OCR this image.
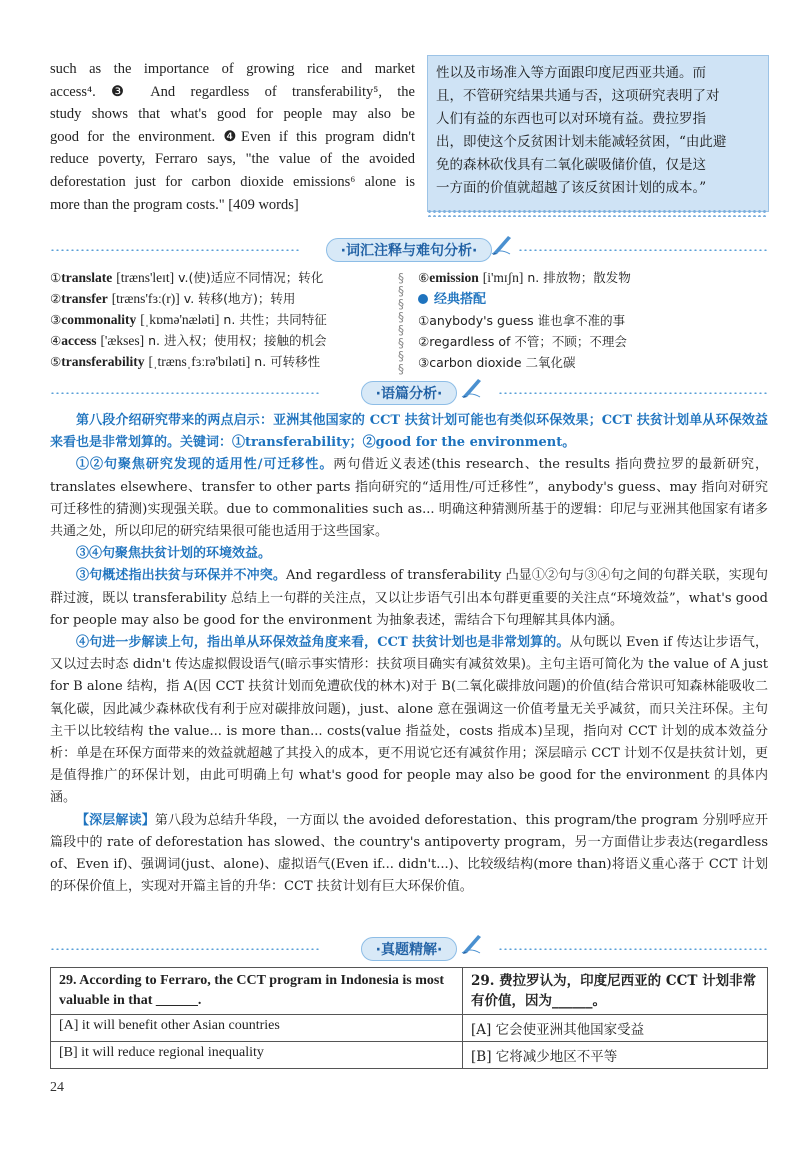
such as the importance of growing rice and market
access⁴. ❸ And regardless of transferability⁵, the
study shows that what's good for people may also be
good for the environment. ❹Even if this program didn't
reduce poverty, Ferraro says, "the value of the avoided
deforestation just for carbon dioxide emissions⁶ alone is
more than the program costs." [409 words]
性以及市场准入等方面跟印度尼西亚共通。而
且，不管研究结果共通与否，这项研究表明了对
人们有益的东西也可以对环境有益。费拉罗指
出，即使这个反贫困计划未能减轻贫困，“由此避
免的森林砍伐具有二氧化碳吸储价值，仅是这
一方面的价值就超越了该反贫困计划的成本。”
·词汇注释与难句分析·
①translate [træns'leɪt] v.(使)适应不同情况；转化
②transfer [træns'fɜː(r)] v. 转移(地方)；转用
③commonality [ˌkɒmə'næləti] n. 共性；共同特征
④access ['ækses] n. 进入权；使用权；接触的机会
⑤transferability [ˌtrænsˌfɜːrə'bɪləti] n. 可转移性
§
§
§
§
§
§
§
§
⑥emission [i'mɪʃn] n. 排放物；散发物
经典搭配
①anybody's guess 谁也拿不准的事
②regardless of 不管；不顾；不理会
③carbon dioxide 二氧化碳
·语篇分析·
第八段介绍研究带来的两点启示：亚洲其他国家的 CCT 扶贫计划可能也有类似环保效果；CCT 扶贫计划单从环保效益来看也是非常划算的。关键词：①transferability；②good for the environment。
①②句聚焦研究发现的适用性/可迁移性。两句借近义表述(this research、the results 指向费拉罗的最新研究，translates elsewhere、transfer to other parts 指向研究的“适用性/可迁移性”，anybody's guess、may 指向对研究可迁移性的猜测)实现强关联。due to commonalities such as... 明确这种猜测所基于的逻辑：印尼与亚洲其他国家有诸多共通之处，所以印尼的研究结果很可能也适用于这些国家。
③④句聚焦扶贫计划的环境效益。
③句概述指出扶贫与环保并不冲突。And regardless of transferability 凸显①②句与③④句之间的句群关联，实现句群过渡，既以 transferability 总结上一句群的关注点，又以让步语气引出本句群更重要的关注点“环境效益”，what's good for people may also be good for the environment 为抽象表述，需结合下句理解其具体内涵。
④句进一步解读上句，指出单从环保效益角度来看，CCT 扶贫计划也是非常划算的。从句既以 Even if 传达让步语气，又以过去时态 didn't 传达虚拟假设语气(暗示事实情形：扶贫项目确实有减贫效果)。主句主语可简化为 the value of A just for B alone 结构，指 A(因 CCT 扶贫计划而免遭砍伐的林木)对于 B(二氧化碳排放问题)的价值(结合常识可知森林能吸收二氧化碳，因此减少森林砍伐有利于应对碳排放问题)，just、alone 意在强调这一价值考量无关乎减贫，而只关注环保。主句主干以比较结构 the value... is more than... costs(value 指益处，costs 指成本)呈现，指向对 CCT 计划的成本效益分析：单是在环保方面带来的效益就超越了其投入的成本，更不用说它还有减贫作用；深层暗示 CCT 计划不仅是扶贫计划，更是值得推广的环保计划，由此可明确上句 what's good for people may also be good for the environment 的具体内涵。
【深层解读】第八段为总结升华段，一方面以 the avoided deforestation、this program/the program 分别呼应开篇段中的 rate of deforestation has slowed、the country's antipoverty program，另一方面借让步表达(regardless of、Even if)、强调词(just、alone)、虚拟语气(Even if... didn't...)、比较级结构(more than)将语义重心落于 CCT 计划的环保价值上，实现对开篇主旨的升华：CCT 扶贫计划有巨大环保价值。
·真题精解·
29. According to Ferraro, the CCT program in Indonesia is most valuable in that ______.	29. 费拉罗认为，印度尼西亚的 CCT 计划非常有价值，因为______。
[A] it will benefit other Asian countries	[A] 它会使亚洲其他国家受益
[B] it will reduce regional inequality	[B] 它将减少地区不平等
24
